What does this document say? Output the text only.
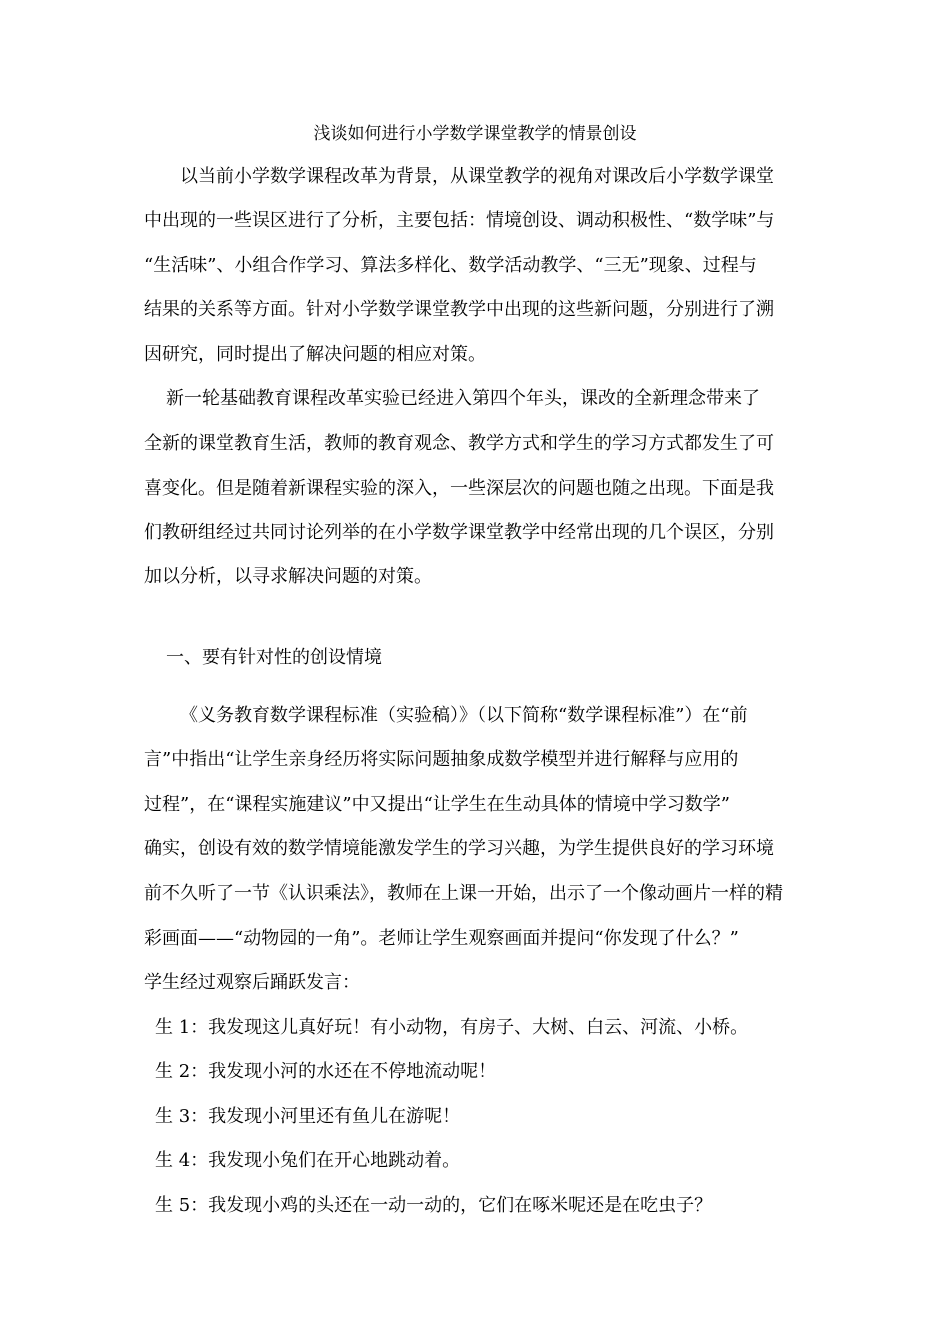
浅谈如何进行小学数学课堂教学的情景创设
以当前小学数学课程改革为背景，从课堂教学的视角对课改后小学数学课堂
中出现的一些误区进行了分析，主要包括：情境创设、调动积极性、“数学味”与
“生活味”、小组合作学习、算法多样化、数学活动教学、“三无”现象、过程与
结果的关系等方面。针对小学数学课堂教学中出现的这些新问题，分别进行了溯
因研究，同时提出了解决问题的相应对策。
新一轮基础教育课程改革实验已经进入第四个年头，课改的全新理念带来了
全新的课堂教育生活，教师的教育观念、教学方式和学生的学习方式都发生了可
喜变化。但是随着新课程实验的深入，一些深层次的问题也随之出现。下面是我
们教研组经过共同讨论列举的在小学数学课堂教学中经常出现的几个误区，分别
加以分析，以寻求解决问题的对策。
一、要有针对性的创设情境
《义务教育数学课程标准（实验稿）》（以下简称“数学课程标准”）在“前
言”中指出“让学生亲身经历将实际问题抽象成数学模型并进行解释与应用的
过程”，在“课程实施建议”中又提出“让学生在生动具体的情境中学习数学”
确实，创设有效的数学情境能激发学生的学习兴趣，为学生提供良好的学习环境
前不久听了一节《认识乘法》，教师在上课一开始，出示了一个像动画片一样的精
彩画面——“动物园的一角”。老师让学生观察画面并提问“你发现了什么？”
学生经过观察后踊跃发言：
生 1：我发现这儿真好玩！有小动物，有房子、大树、白云、河流、小桥。
生 2：我发现小河的水还在不停地流动呢！
生 3：我发现小河里还有鱼儿在游呢！
生 4：我发现小兔们在开心地跳动着。
生 5：我发现小鸡的头还在一动一动的，它们在啄米呢还是在吃虫子？
